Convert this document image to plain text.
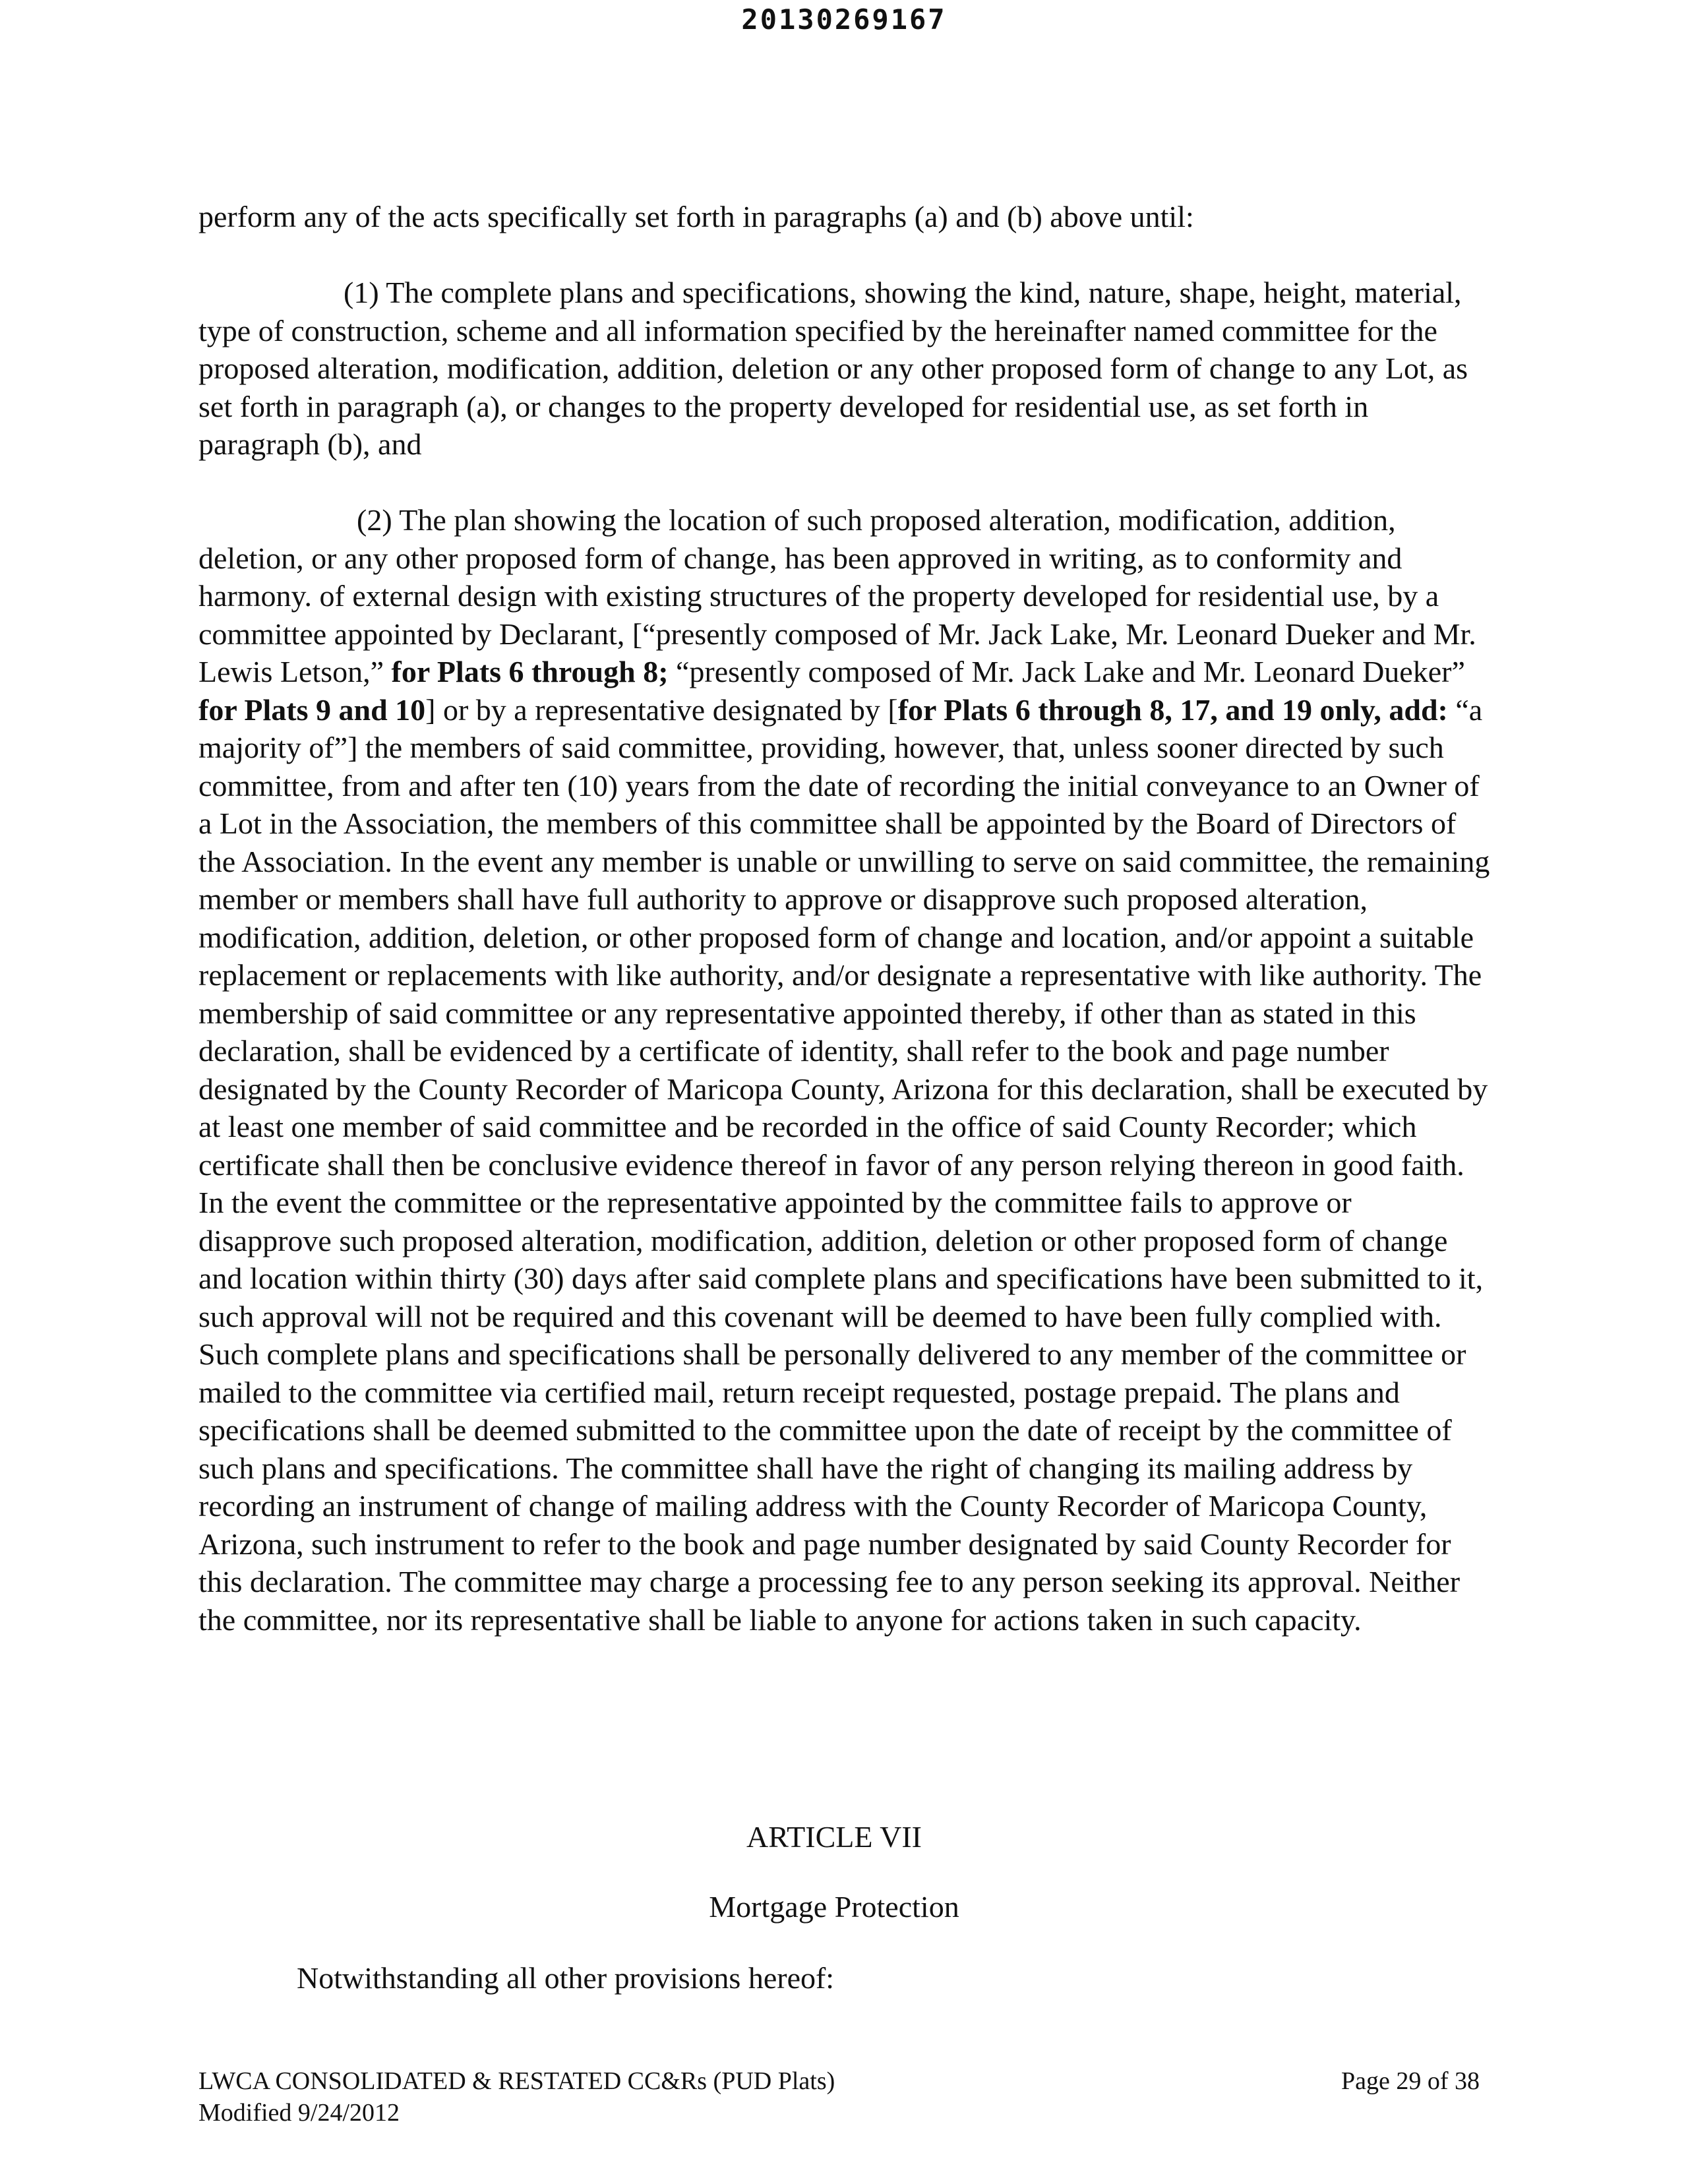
20130269167

perform any of the acts specifically set forth in paragraphs (a) and (b) above until:

(1) The complete plans and specifications, showing the kind, nature, shape, height, material, type of construction, scheme and all information specified by the hereinafter named committee for the proposed alteration, modification, addition, deletion or any other proposed form of change to any Lot, as set forth in paragraph (a), or changes to the property developed for residential use, as set forth in paragraph (b), and

(2) The plan showing the location of such proposed alteration, modification, addition, deletion, or any other proposed form of change, has been approved in writing, as to conformity and harmony. of external design with existing structures of the property developed for residential use, by a committee appointed by Declarant, [“presently composed of Mr. Jack Lake, Mr. Leonard Dueker and Mr. Lewis Letson,” for Plats 6 through 8; “presently composed of Mr. Jack Lake and Mr. Leonard Dueker” for Plats 9 and 10] or by a representative designated by [for Plats 6 through 8, 17, and 19 only, add: “a majority of”] the members of said committee, providing, however, that, unless sooner directed by such committee, from and after ten (10) years from the date of recording the initial conveyance to an Owner of a Lot in the Association, the members of this committee shall be appointed by the Board of Directors of the Association. In the event any member is unable or unwilling to serve on said committee, the remaining member or members shall have full authority to approve or disapprove such proposed alteration, modification, addition, deletion, or other proposed form of change and location, and/or appoint a suitable replacement or replacements with like authority, and/or designate a representative with like authority. The membership of said committee or any representative appointed thereby, if other than as stated in this declaration, shall be evidenced by a certificate of identity, shall refer to the book and page number designated by the County Recorder of Maricopa County, Arizona for this declaration, shall be executed by at least one member of said committee and be recorded in the office of said County Recorder; which certificate shall then be conclusive evidence thereof in favor of any person relying thereon in good faith. In the event the committee or the representative appointed by the committee fails to approve or disapprove such proposed alteration, modification, addition, deletion or other proposed form of change and location within thirty (30) days after said complete plans and specifications have been submitted to it, such approval will not be required and this covenant will be deemed to have been fully complied with. Such complete plans and specifications shall be personally delivered to any member of the committee or mailed to the committee via certified mail, return receipt requested, postage prepaid. The plans and specifications shall be deemed submitted to the committee upon the date of receipt by the committee of such plans and specifications. The committee shall have the right of changing its mailing address by recording an instrument of change of mailing address with the County Recorder of Maricopa County, Arizona, such instrument to refer to the book and page number designated by said County Recorder for this declaration. The committee may charge a processing fee to any person seeking its approval. Neither the committee, nor its representative shall be liable to anyone for actions taken in such capacity.

ARTICLE VII

Mortgage Protection

Notwithstanding all other provisions hereof:

LWCA CONSOLIDATED & RESTATED CC&Rs (PUD Plats)

Modified 9/24/2012

Page 29 of 38
